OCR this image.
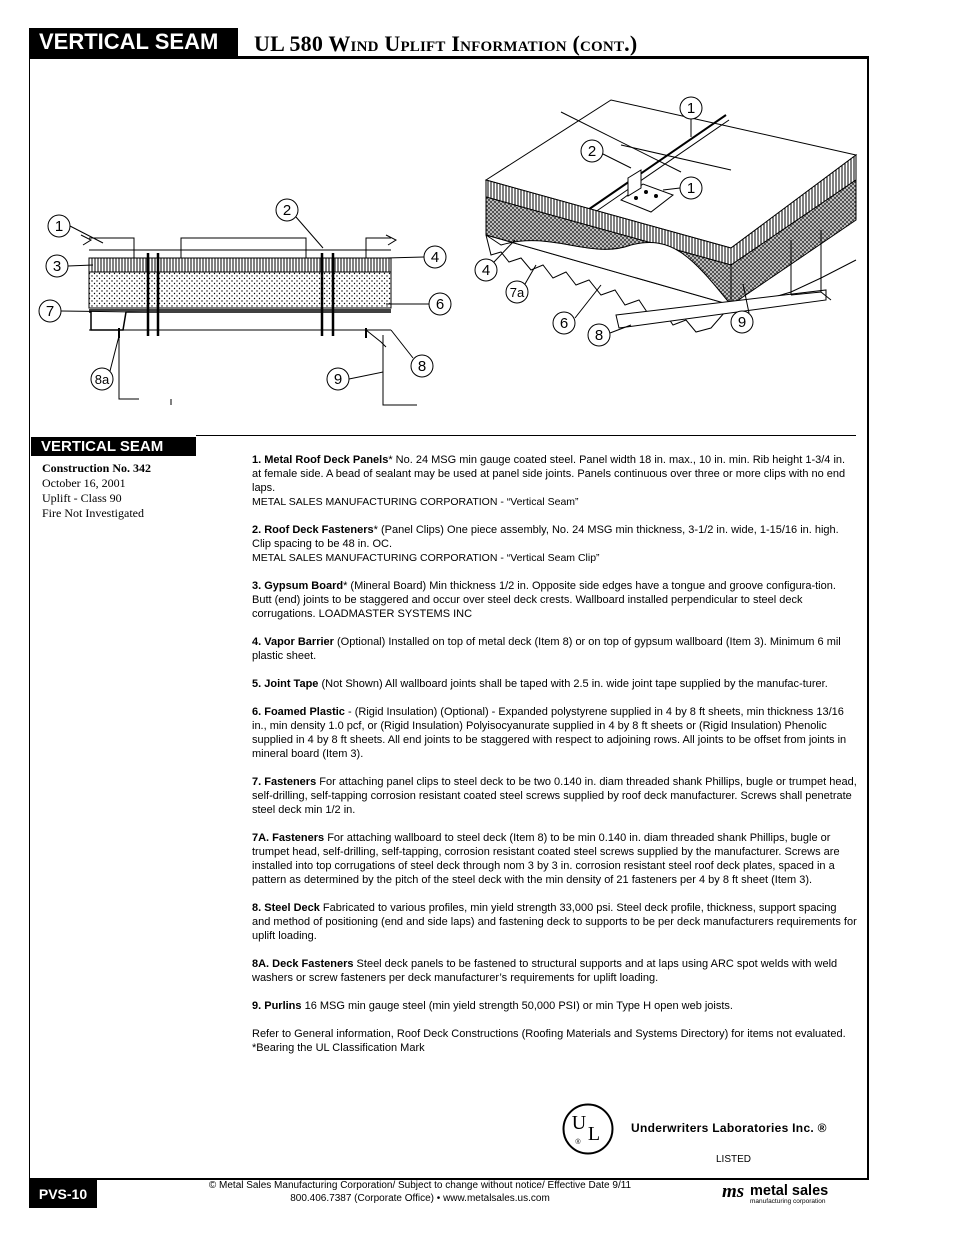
VERTICAL SEAM	UL 580 Wind Uplift Information (cont.)
1
2
3
4
6
7
8
8a	9
1
2
1
4
7a
6
8
9
VERTICAL SEAM
Construction No. 342
October 16, 2001
Uplift - Class 90
Fire Not Investigated

1. Metal Roof Deck Panels* No. 24 MSG min gauge coated steel. Panel width 18 in. max., 10 in. min. Rib height 1-3/4 in. at female side. A bead of sealant may be used at panel side joints. Panels continuous over three or more clips with no end laps.
METAL SALES MANUFACTURING CORPORATION - “Vertical Seam”

2. Roof Deck Fasteners* (Panel Clips) One piece assembly, No. 24 MSG min thickness, 3-1/2 in. wide, 1-15/16 in. high. Clip spacing to be 48 in. OC.
METAL SALES MANUFACTURING CORPORATION - “Vertical Seam Clip”

3. Gypsum Board* (Mineral Board) Min thickness 1/2 in. Opposite side edges have a tongue and groove configura-tion. Butt (end) joints to be staggered and occur over steel deck crests. Wallboard installed perpendicular to steel deck corrugations. LOADMASTER SYSTEMS INC

4. Vapor Barrier (Optional) Installed on top of metal deck (Item 8) or on top of gypsum wallboard (Item 3). Minimum 6 mil plastic sheet.

5. Joint Tape (Not Shown) All wallboard joints shall be taped with 2.5 in. wide joint tape supplied by the manufac-turer.

6. Foamed Plastic - (Rigid Insulation) (Optional) - Expanded polystyrene supplied in 4 by 8 ft sheets, min thickness 13/16 in., min density 1.0 pcf, or (Rigid Insulation) Polyisocyanurate supplied in 4 by 8 ft sheets or (Rigid Insulation) Phenolic supplied in 4 by 8 ft sheets. All end joints to be staggered with respect to adjoining rows. All joints to be offset from joints in mineral board (Item 3).

7. Fasteners For attaching panel clips to steel deck to be two 0.140 in. diam threaded shank Phillips, bugle or trumpet head, self-drilling, self-tapping corrosion resistant coated steel screws supplied by roof deck manufacturer. Screws shall penetrate steel deck min 1/2 in.

7A. Fasteners For attaching wallboard to steel deck (Item 8) to be min 0.140 in. diam threaded shank Phillips, bugle or trumpet head, self-drilling, self-tapping, corrosion resistant coated steel screws supplied by the manufacturer. Screws are installed into top corrugations of steel deck through nom 3 by 3 in. corrosion resistant steel roof deck plates, spaced in a pattern as determined by the pitch of the steel deck with the min density of 21 fasteners per 4 by 8 ft sheet (Item 3).

8. Steel Deck Fabricated to various profiles, min yield strength 33,000 psi. Steel deck profile, thickness, support spacing and method of positioning (end and side laps) and fastening deck to supports to be per deck manufacturers requirements for uplift loading.

8A. Deck Fasteners Steel deck panels to be fastened to structural supports and at laps using ARC spot welds with weld washers or screw fasteners per deck manufacturer’s requirements for uplift loading.

9. Purlins 16 MSG min gauge steel (min yield strength 50,000 PSI) or min Type H open web joists.

Refer to General information, Roof Deck Constructions (Roofing Materials and Systems Directory) for items not evaluated.

*Bearing the UL Classification Mark

U L
®
Underwriters Laboratories Inc. ®
LISTED
PVS-10
© Metal Sales Manufacturing Corporation/ Subject to change without notice/ Effective Date 9/11
800.406.7387 (Corporate Office) • www.metalsales.us.com	ms metal sales
manufacturing corporation
